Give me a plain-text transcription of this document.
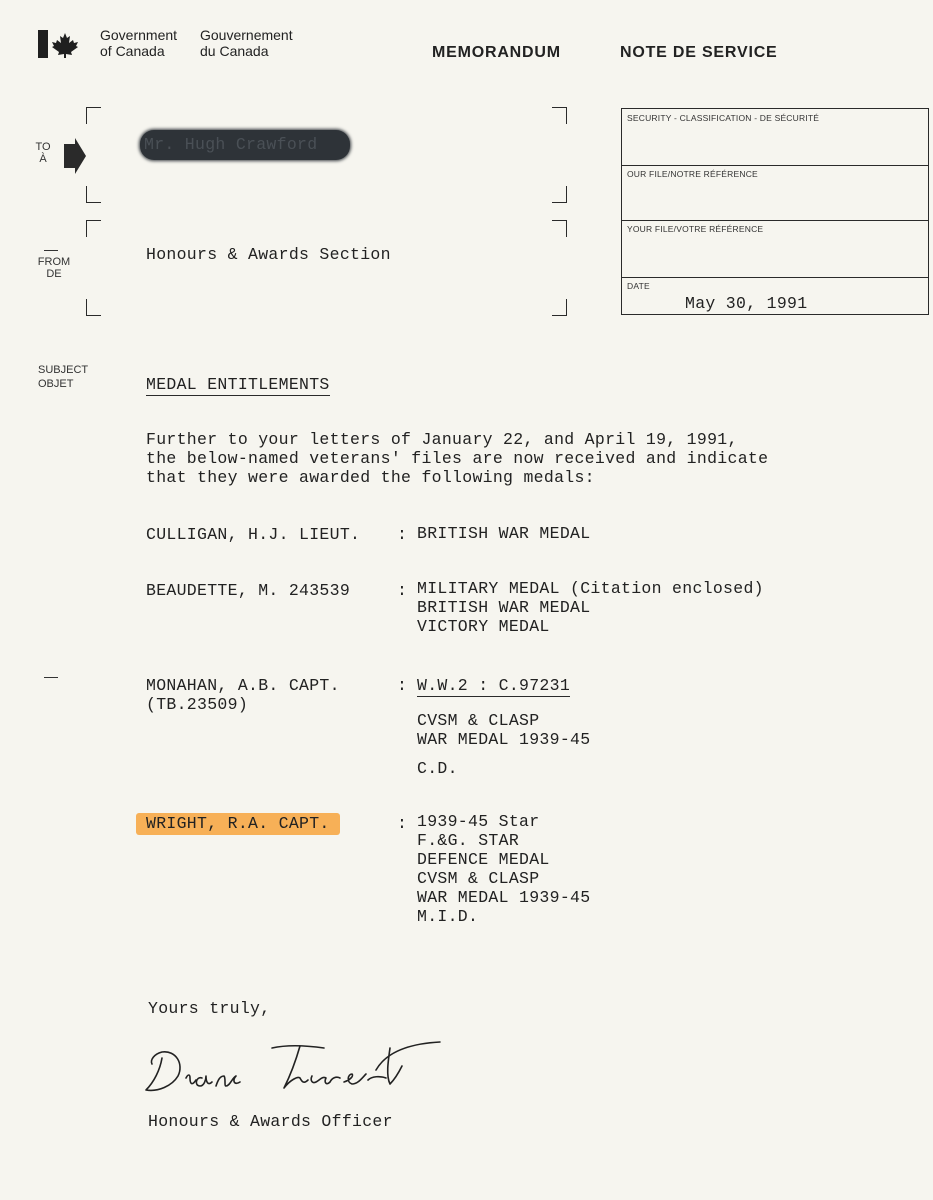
Government
of Canada
Gouvernement
du Canada	MEMORANDUM	NOTE DE SERVICE
TO
À
Mr. Hugh Crawford
FROM
DE
Honours & Awards Section
SECURITY - CLASSIFICATION - DE SÉCURITÉ
OUR FILE/NOTRE RÉFÉRENCE
YOUR FILE/VOTRE RÉFÉRENCE
DATE
May 30, 1991
SUBJECT
OBJET	MEDAL ENTITLEMENTS
Further to your letters of January 22, and April 19, 1991,
the below-named veterans' files are now received and indicate
that they were awarded the following medals:
CULLIGAN, H.J. LIEUT. : BRITISH WAR MEDAL
BEAUDETTE, M. 243539	: MILITARY MEDAL (Citation enclosed)
BRITISH WAR MEDAL
VICTORY MEDAL
MONAHAN, A.B. CAPT.
(TB.23509)
: W.W.2 : C.97231
CVSM & CLASP
WAR MEDAL 1939-45
C.D.
WRIGHT, R.A. CAPT.	: 1939-45 Star
F.&G. STAR
DEFENCE MEDAL
CVSM & CLASP
WAR MEDAL 1939-45
M.I.D.
Yours truly,
Diane Vincent
Honours & Awards Officer
